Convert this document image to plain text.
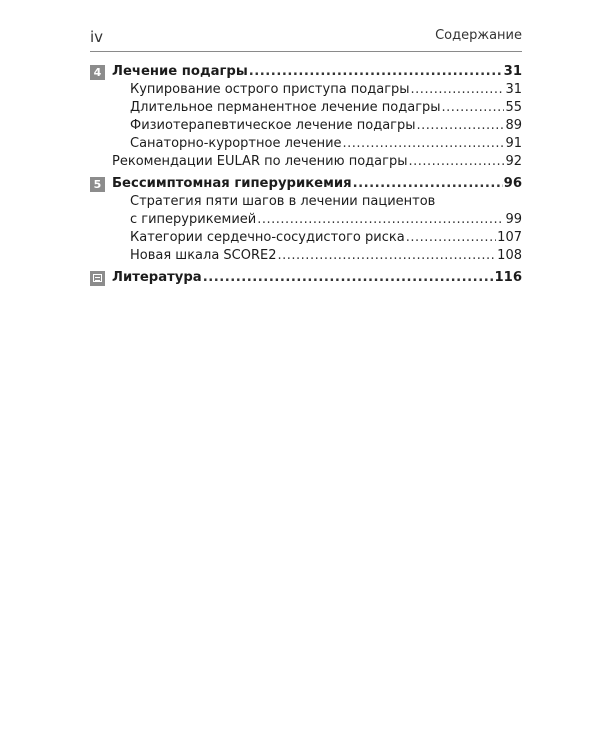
iv	Содержание
4 Лечение подагры .....	31
Купирование острого приступа подагры .....	31
Длительное перманентное лечение подагры .....	55
Физиотерапевтическое лечение подагры .....	89
Санаторно-курортное лечение .....	91
Рекомендации EULAR по лечению подагры .....	92
5 Бессимптомная гиперурикемия .....	96
Стратегия пяти шагов в лечении пациентов
с гиперурикемией .....	99
Категории сердечно-сосудистого риска .....	107
Новая шкала SCORE2 .....	108
Литература .....	116
